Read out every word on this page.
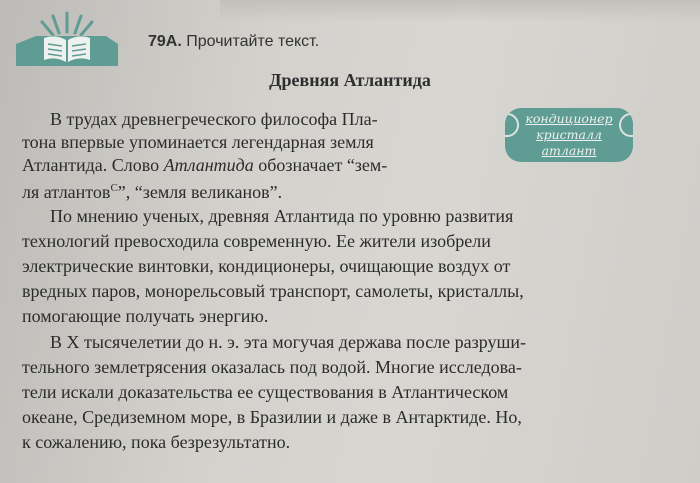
79А. Прочитайте текст.

Древняя Атлантида
кондиционер
кристалл
атлант

В трудах древнегреческого философа Пла-

тона впервые упоминается легендарная земля

Атлантида. Слово Атлантида обозначает “зем-

ля атлантов$^С$”, “земля великанов”.

По мнению ученых, древняя Атлантида по уровню развития

технологий превосходила современную. Ее жители изобрели

электрические винтовки, кондиционеры, очищающие воздух от

вредных паров, монорельсовый транспорт, самолеты, кристаллы,

помогающие получать энергию.

В X тысячелетии до н. э. эта могучая держава после разруши-

тельного землетрясения оказалась под водой. Многие исследова-

тели искали доказательства ее существования в Атлантическом

океане, Средиземном море, в Бразилии и даже в Антарктиде. Но,

к сожалению, пока безрезультатно.
